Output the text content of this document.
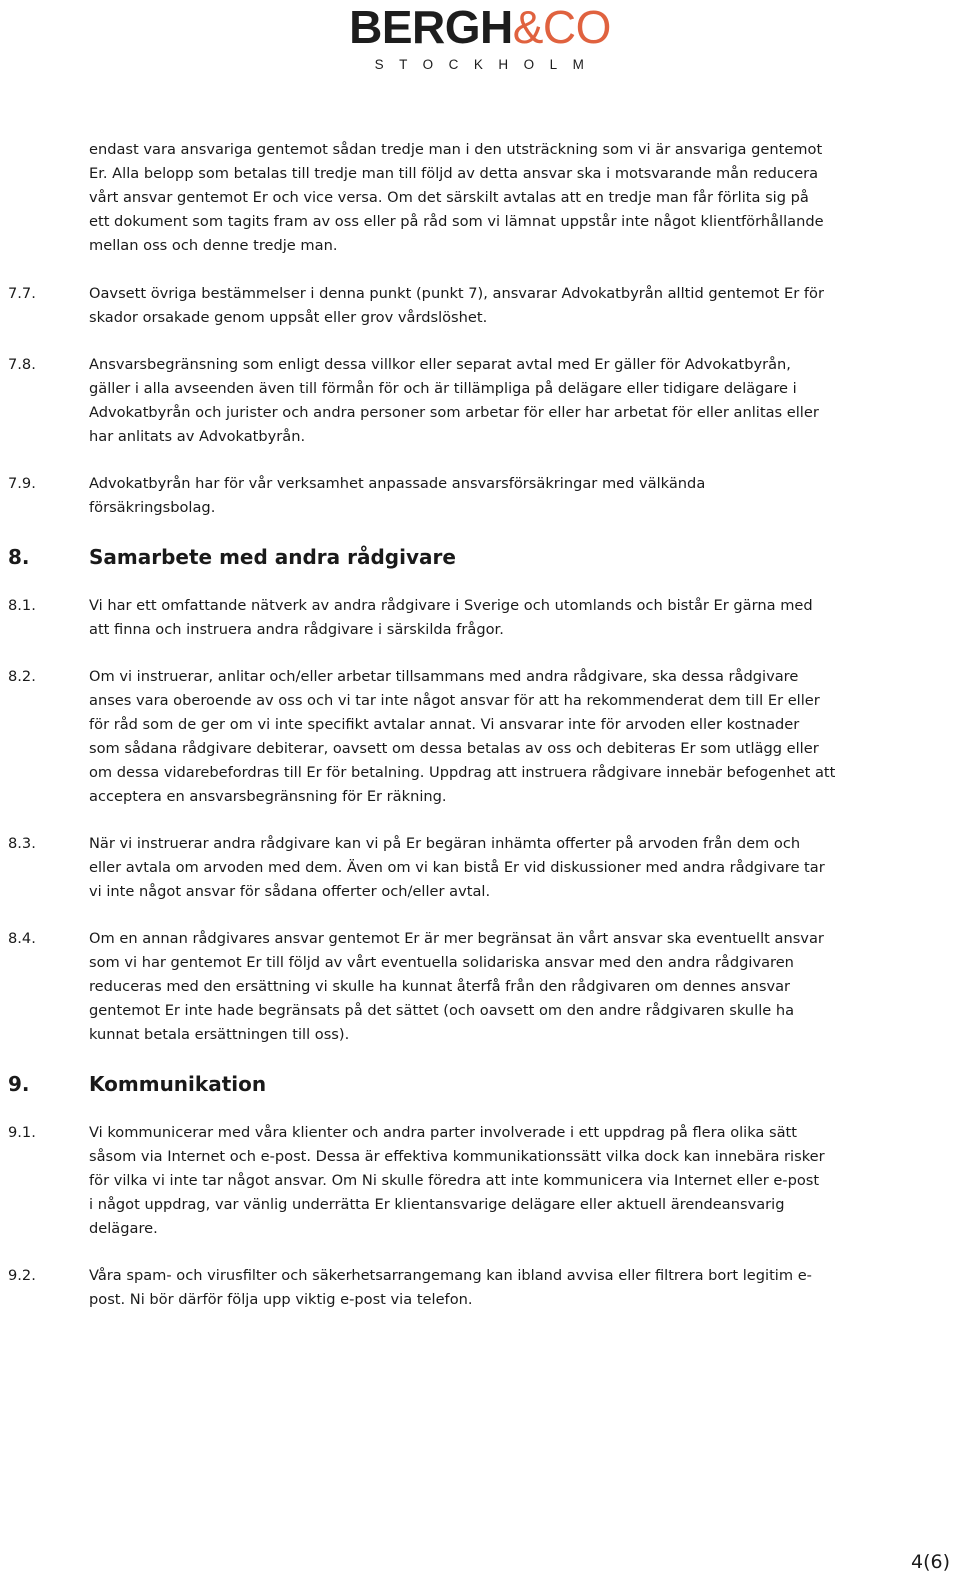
BERGH&CO
STOCKHOLM
endast vara ansvariga gentemot sådan tredje man i den utsträckning som vi är ansvariga gentemot
Er. Alla belopp som betalas till tredje man till följd av detta ansvar ska i motsvarande mån reducera
vårt ansvar gentemot Er och vice versa. Om det särskilt avtalas att en tredje man får förlita sig på
ett dokument som tagits fram av oss eller på råd som vi lämnat uppstår inte något klientförhållande
mellan oss och denne tredje man.
7.7.	Oavsett övriga bestämmelser i denna punkt (punkt 7), ansvarar Advokatbyrån alltid gentemot Er för
skador orsakade genom uppsåt eller grov vårdslöshet.
7.8.	Ansvarsbegränsning som enligt dessa villkor eller separat avtal med Er gäller för Advokatbyrån,
gäller i alla avseenden även till förmån för och är tillämpliga på delägare eller tidigare delägare i
Advokatbyrån och jurister och andra personer som arbetar för eller har arbetat för eller anlitas eller
har anlitats av Advokatbyrån.
7.9.	Advokatbyrån har för vår verksamhet anpassade ansvarsförsäkringar med välkända
försäkringsbolag.
8.	Samarbete med andra rådgivare
8.1.	Vi har ett omfattande nätverk av andra rådgivare i Sverige och utomlands och bistår Er gärna med
att finna och instruera andra rådgivare i särskilda frågor.
8.2.	Om vi instruerar, anlitar och/eller arbetar tillsammans med andra rådgivare, ska dessa rådgivare
anses vara oberoende av oss och vi tar inte något ansvar för att ha rekommenderat dem till Er eller
för råd som de ger om vi inte specifikt avtalar annat. Vi ansvarar inte för arvoden eller kostnader
som sådana rådgivare debiterar, oavsett om dessa betalas av oss och debiteras Er som utlägg eller
om dessa vidarebefordras till Er för betalning. Uppdrag att instruera rådgivare innebär befogenhet att
acceptera en ansvarsbegränsning för Er räkning.
8.3.	När vi instruerar andra rådgivare kan vi på Er begäran inhämta offerter på arvoden från dem och
eller avtala om arvoden med dem. Även om vi kan bistå Er vid diskussioner med andra rådgivare tar
vi inte något ansvar för sådana offerter och/eller avtal.
8.4.	Om en annan rådgivares ansvar gentemot Er är mer begränsat än vårt ansvar ska eventuellt ansvar
som vi har gentemot Er till följd av vårt eventuella solidariska ansvar med den andra rådgivaren
reduceras med den ersättning vi skulle ha kunnat återfå från den rådgivaren om dennes ansvar
gentemot Er inte hade begränsats på det sättet (och oavsett om den andre rådgivaren skulle ha
kunnat betala ersättningen till oss).
9.	Kommunikation
9.1.	Vi kommunicerar med våra klienter och andra parter involverade i ett uppdrag på flera olika sätt
såsom via Internet och e-post. Dessa är effektiva kommunikationssätt vilka dock kan innebära risker
för vilka vi inte tar något ansvar. Om Ni skulle föredra att inte kommunicera via Internet eller e-post
i något uppdrag, var vänlig underrätta Er klientansvarige delägare eller aktuell ärendeansvarig
delägare.
9.2.	Våra spam- och virusfilter och säkerhetsarrangemang kan ibland avvisa eller filtrera bort legitim e-
post. Ni bör därför följa upp viktig e-post via telefon.
4(6)
